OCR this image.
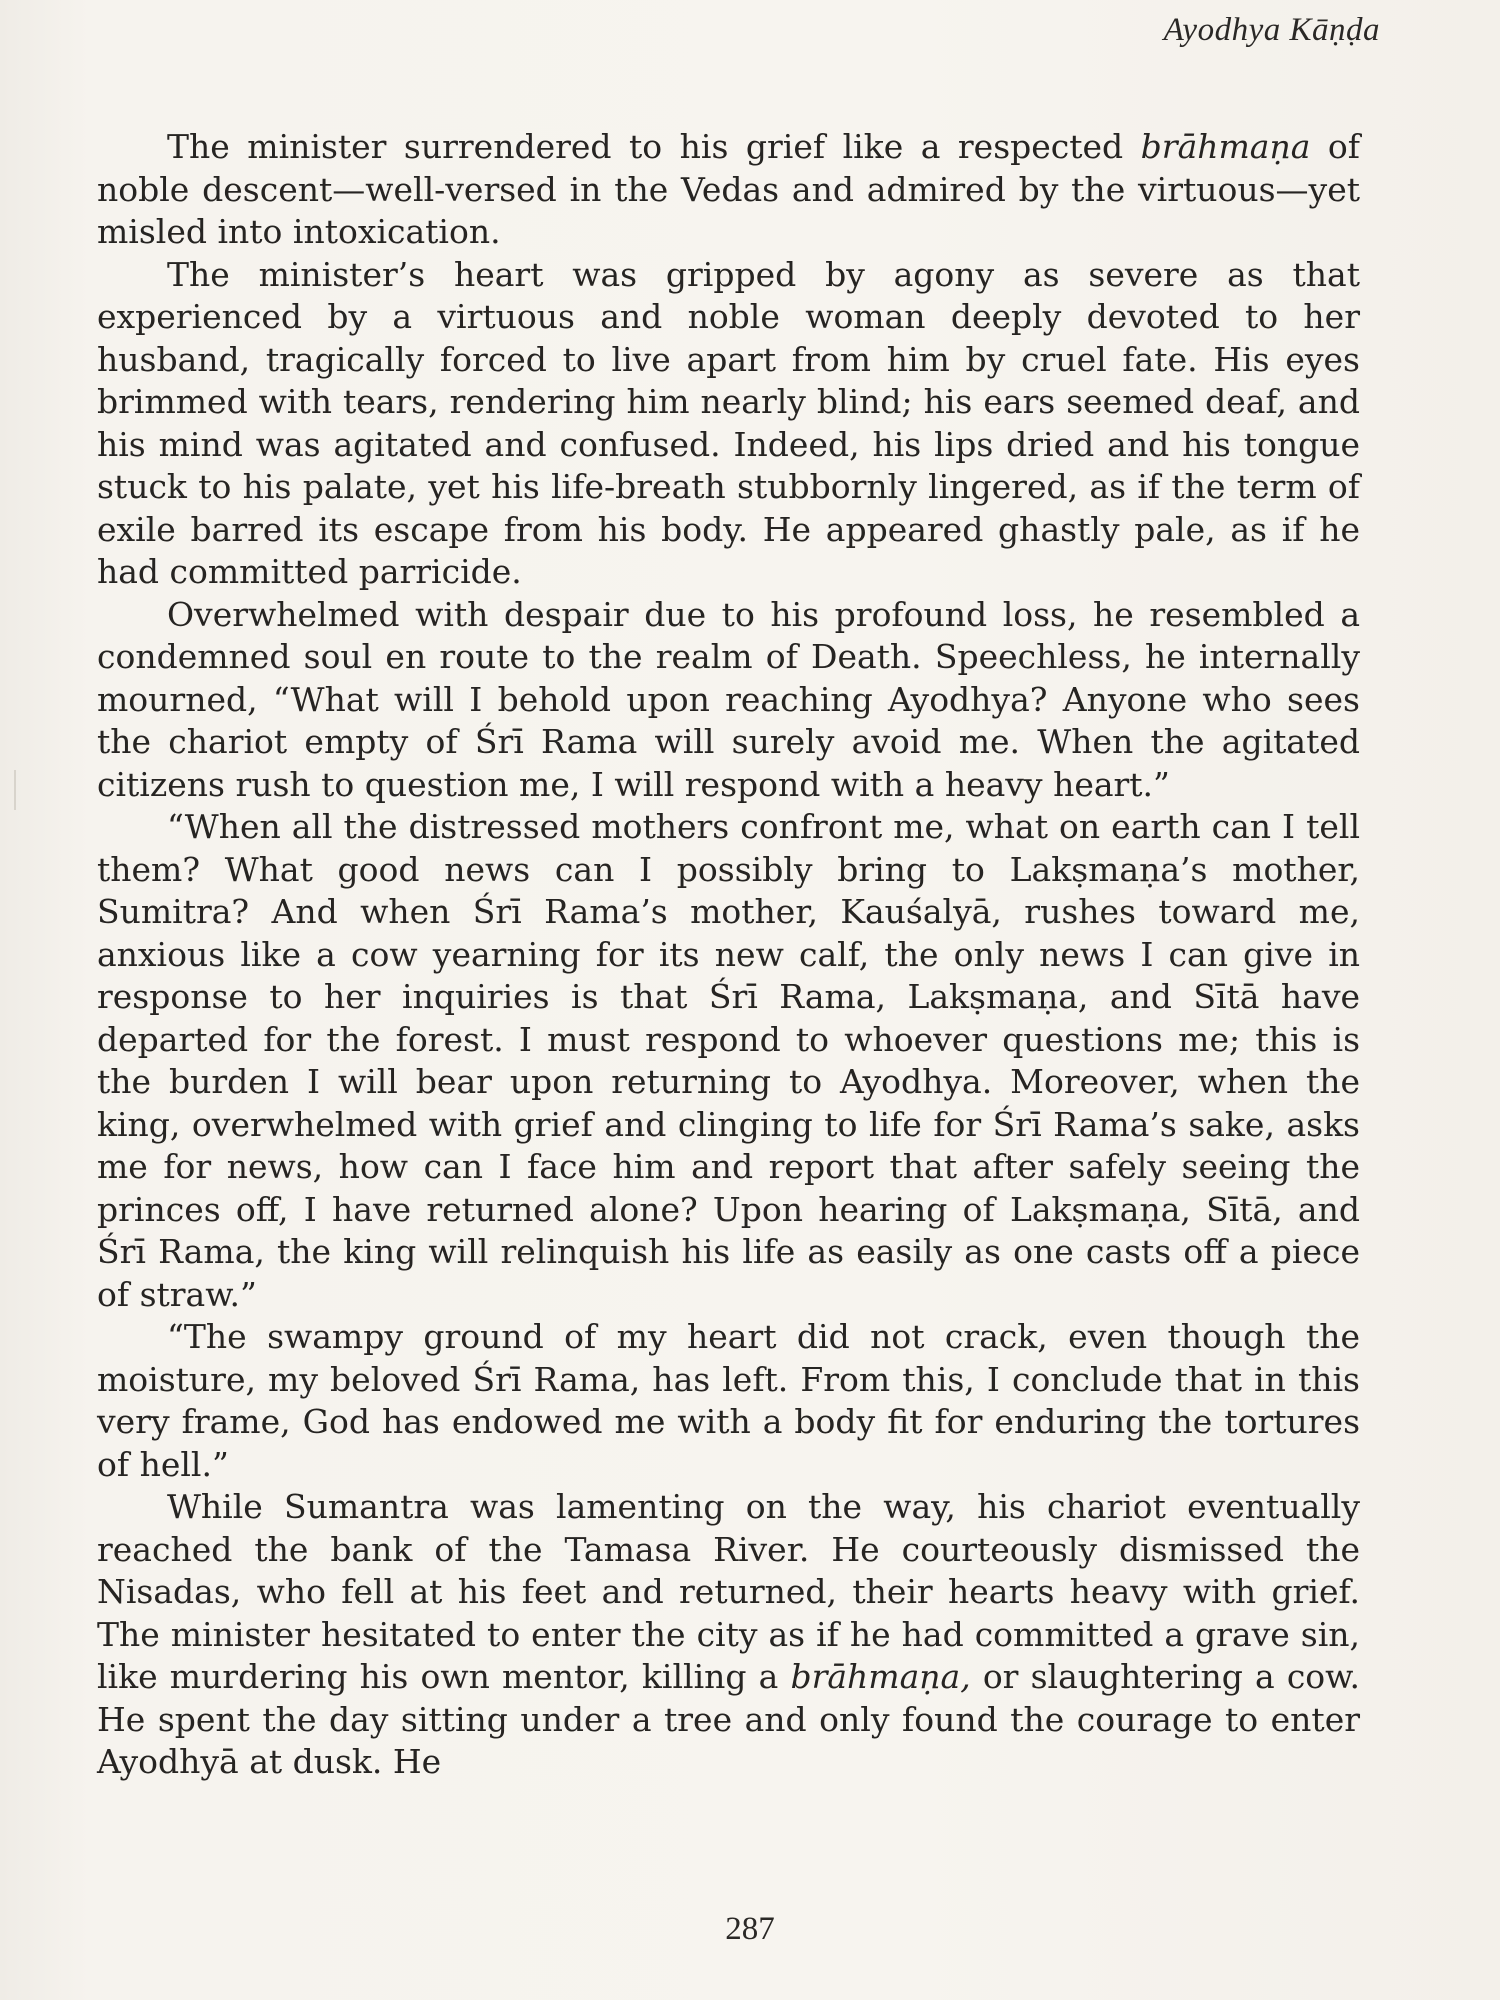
Ayodhya Kāṇḍa

The minister surrendered to his grief like a respected brāhmaṇa of noble descent—well-versed in the Vedas and admired by the virtuous—yet misled into intoxication.

The minister’s heart was gripped by agony as severe as that experienced by a virtuous and noble woman deeply devoted to her husband, tragically forced to live apart from him by cruel fate. His eyes brimmed with tears, rendering him nearly blind; his ears seemed deaf, and his mind was agitated and confused. Indeed, his lips dried and his tongue stuck to his palate, yet his life-breath stubbornly lingered, as if the term of exile barred its escape from his body. He appeared ghastly pale, as if he had committed parricide.

Overwhelmed with despair due to his profound loss, he resembled a condemned soul en route to the realm of Death. Speechless, he internally mourned, “What will I behold upon reaching Ayodhya? Anyone who sees the chariot empty of Śrī Rama will surely avoid me. When the agitated citizens rush to question me, I will respond with a heavy heart.”

“When all the distressed mothers confront me, what on earth can I tell them? What good news can I possibly bring to Lakṣmaṇa’s mother, Sumitra? And when Śrī Rama’s mother, Kauśalyā, rushes toward me, anxious like a cow yearning for its new calf, the only news I can give in response to her inquiries is that Śrī Rama, Lakṣmaṇa, and Sītā have departed for the forest. I must respond to whoever questions me; this is the burden I will bear upon returning to Ayodhya. Moreover, when the king, overwhelmed with grief and clinging to life for Śrī Rama’s sake, asks me for news, how can I face him and report that after safely seeing the princes off, I have returned alone? Upon hearing of Lakṣmaṇa, Sītā, and Śrī Rama, the king will relinquish his life as easily as one casts off a piece of straw.”

“The swampy ground of my heart did not crack, even though the moisture, my beloved Śrī Rama, has left. From this, I conclude that in this very frame, God has endowed me with a body fit for enduring the tortures of hell.”

While Sumantra was lamenting on the way, his chariot eventually reached the bank of the Tamasa River. He courteously dismissed the Nisadas, who fell at his feet and returned, their hearts heavy with grief. The minister hesitated to enter the city as if he had committed a grave sin, like murdering his own mentor, killing a brāhmaṇa, or slaughtering a cow. He spent the day sitting under a tree and only found the courage to enter Ayodhyā at dusk. He

287
